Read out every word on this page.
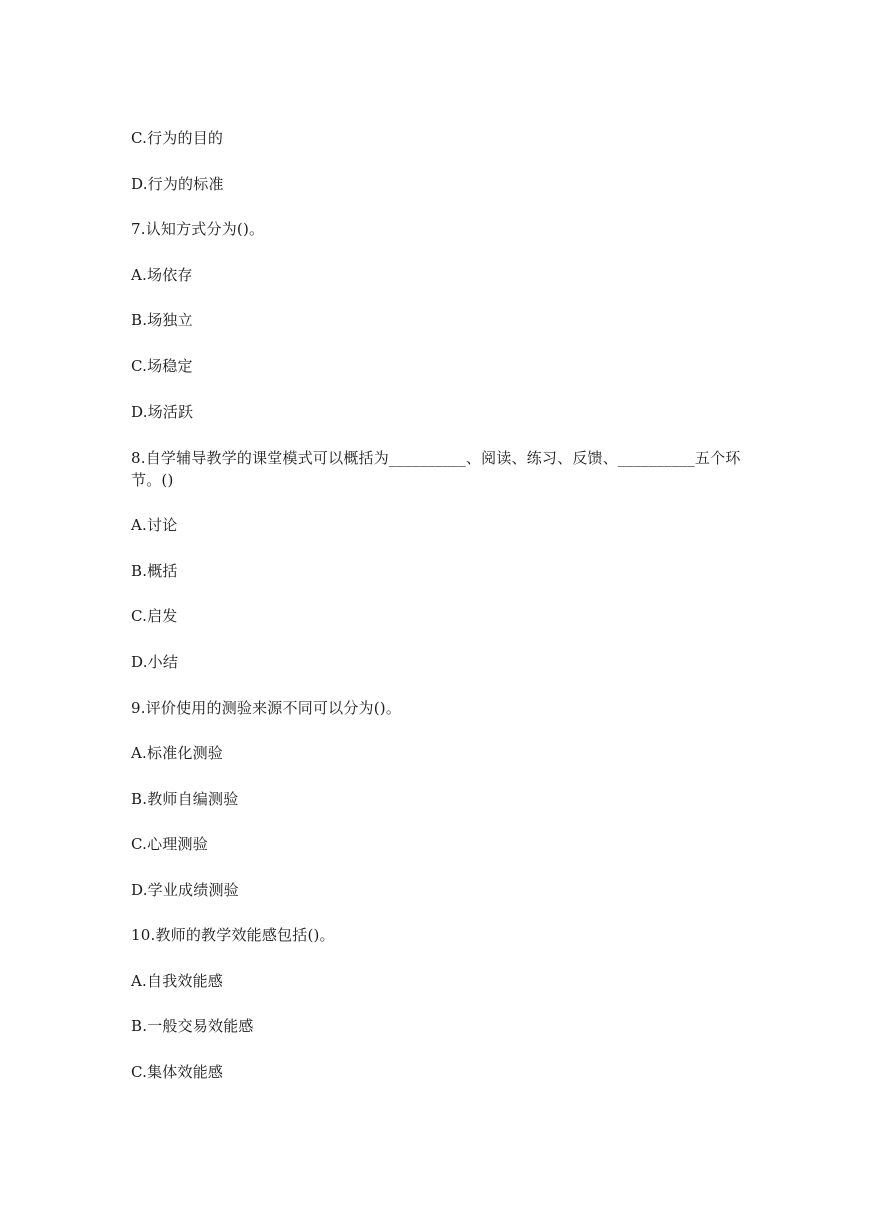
C.行为的目的
D.行为的标准
7.认知方式分为()。
A.场依存
B.场独立
C.场稳定
D.场活跃
8.自学辅导教学的课堂模式可以概括为__________、阅读、练习、反馈、__________五个环
节。()
A.讨论
B.概括
C.启发
D.小结
9.评价使用的测验来源不同可以分为()。
A.标准化测验
B.教师自编测验
C.心理测验
D.学业成绩测验
10.教师的教学效能感包括()。
A.自我效能感
B.一般交易效能感
C.集体效能感
